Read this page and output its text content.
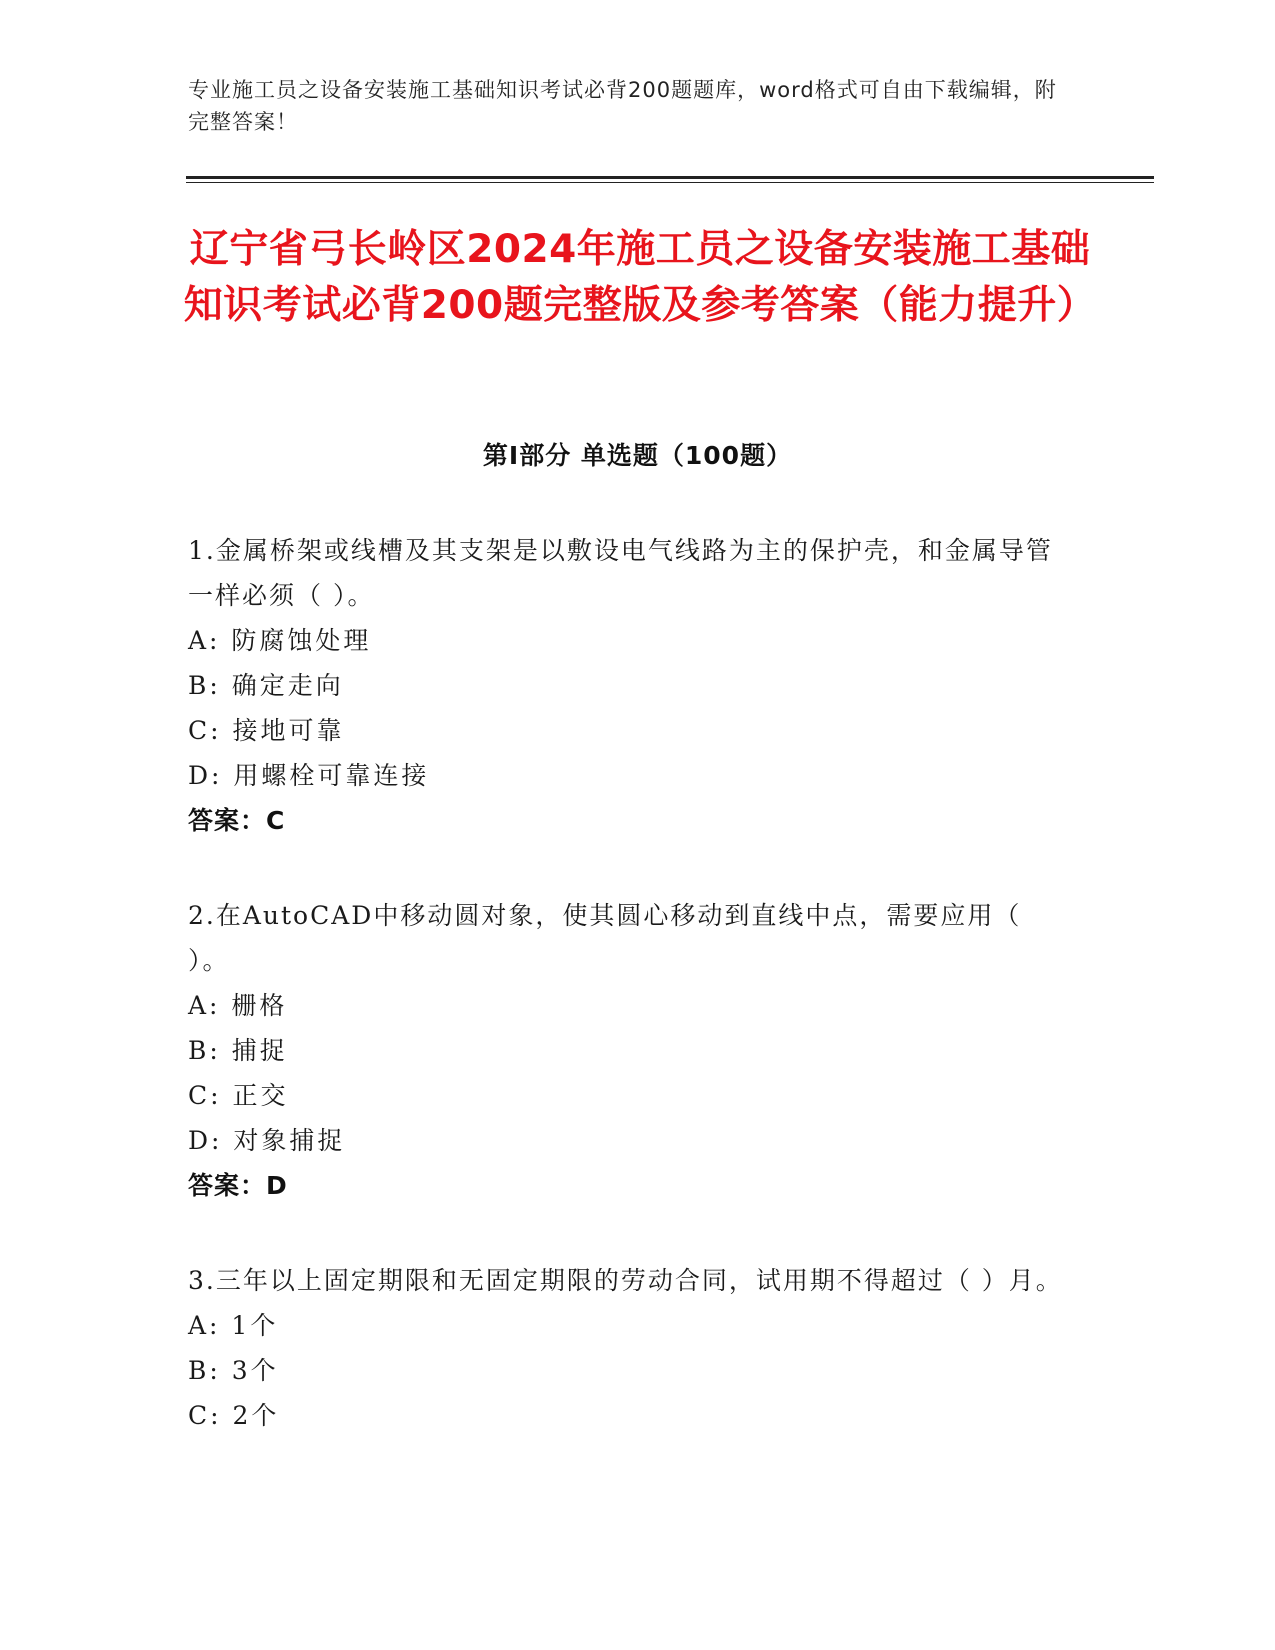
专业施工员之设备安装施工基础知识考试必背200题题库，word格式可自由下载编辑，附完整答案！
辽宁省弓长岭区2024年施工员之设备安装施工基础知识考试必背200题完整版及参考答案（能力提升）
第Ⅰ部分 单选题（100题）
1.金属桥架或线槽及其支架是以敷设电气线路为主的保护壳，和金属导管一样必须（ ）。
A: 防腐蚀处理
B: 确定走向
C: 接地可靠
D: 用螺栓可靠连接
答案：C
2.在AutoCAD中移动圆对象，使其圆心移动到直线中点，需要应用（ ）。
A: 栅格
B: 捕捉
C: 正交
D: 对象捕捉
答案：D
3.三年以上固定期限和无固定期限的劳动合同，试用期不得超过（ ）月。
A: 1个
B: 3个
C: 2个
